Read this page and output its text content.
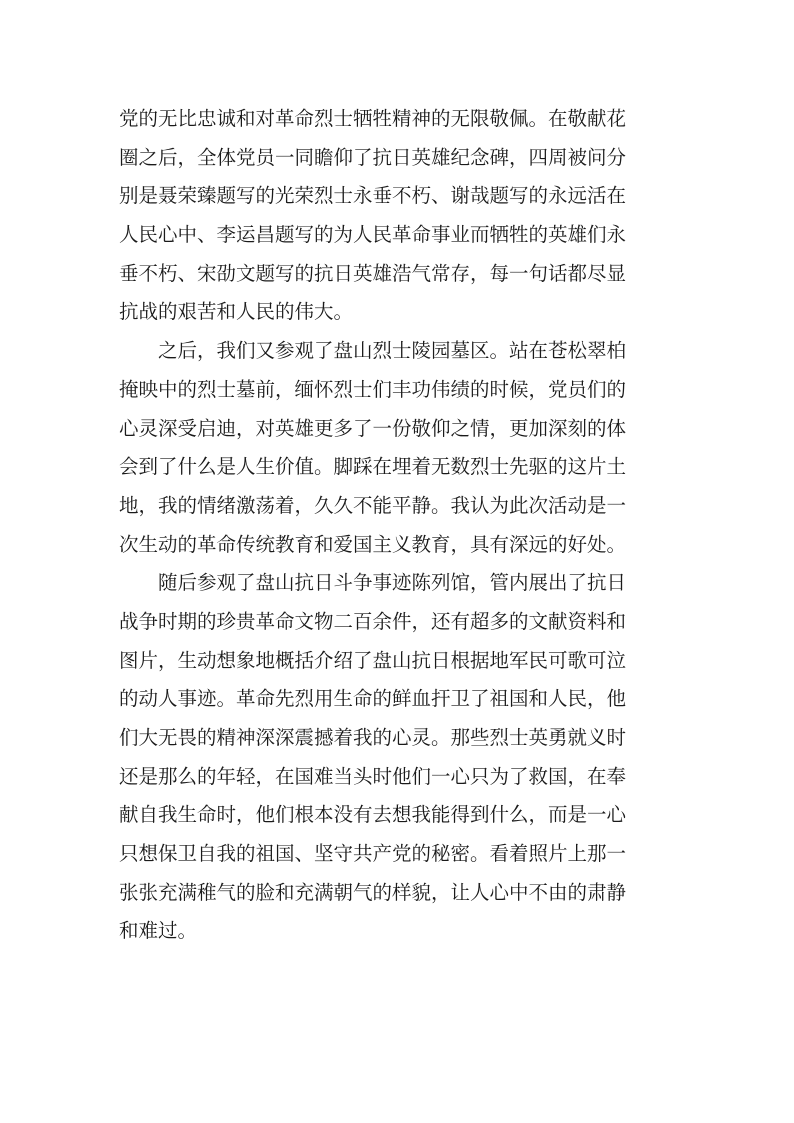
党的无比忠诚和对革命烈士牺牲精神的无限敬佩。在敬献花
圈之后，全体党员一同瞻仰了抗日英雄纪念碑，四周被问分
别是聂荣臻题写的光荣烈士永垂不朽、谢哉题写的永远活在
人民心中、李运昌题写的为人民革命事业而牺牲的英雄们永
垂不朽、宋劭文题写的抗日英雄浩气常存，每一句话都尽显
抗战的艰苦和人民的伟大。
之后，我们又参观了盘山烈士陵园墓区。站在苍松翠柏
掩映中的烈士墓前，缅怀烈士们丰功伟绩的时候，党员们的
心灵深受启迪，对英雄更多了一份敬仰之情，更加深刻的体
会到了什么是人生价值。脚踩在埋着无数烈士先驱的这片土
地，我的情绪激荡着，久久不能平静。我认为此次活动是一
次生动的革命传统教育和爱国主义教育，具有深远的好处。
随后参观了盘山抗日斗争事迹陈列馆，管内展出了抗日
战争时期的珍贵革命文物二百余件，还有超多的文献资料和
图片，生动想象地概括介绍了盘山抗日根据地军民可歌可泣
的动人事迹。革命先烈用生命的鲜血扞卫了祖国和人民，他
们大无畏的精神深深震撼着我的心灵。那些烈士英勇就义时
还是那么的年轻，在国难当头时他们一心只为了救国，在奉
献自我生命时，他们根本没有去想我能得到什么，而是一心
只想保卫自我的祖国、坚守共产党的秘密。看着照片上那一
张张充满稚气的脸和充满朝气的样貌，让人心中不由的肃静
和难过。
